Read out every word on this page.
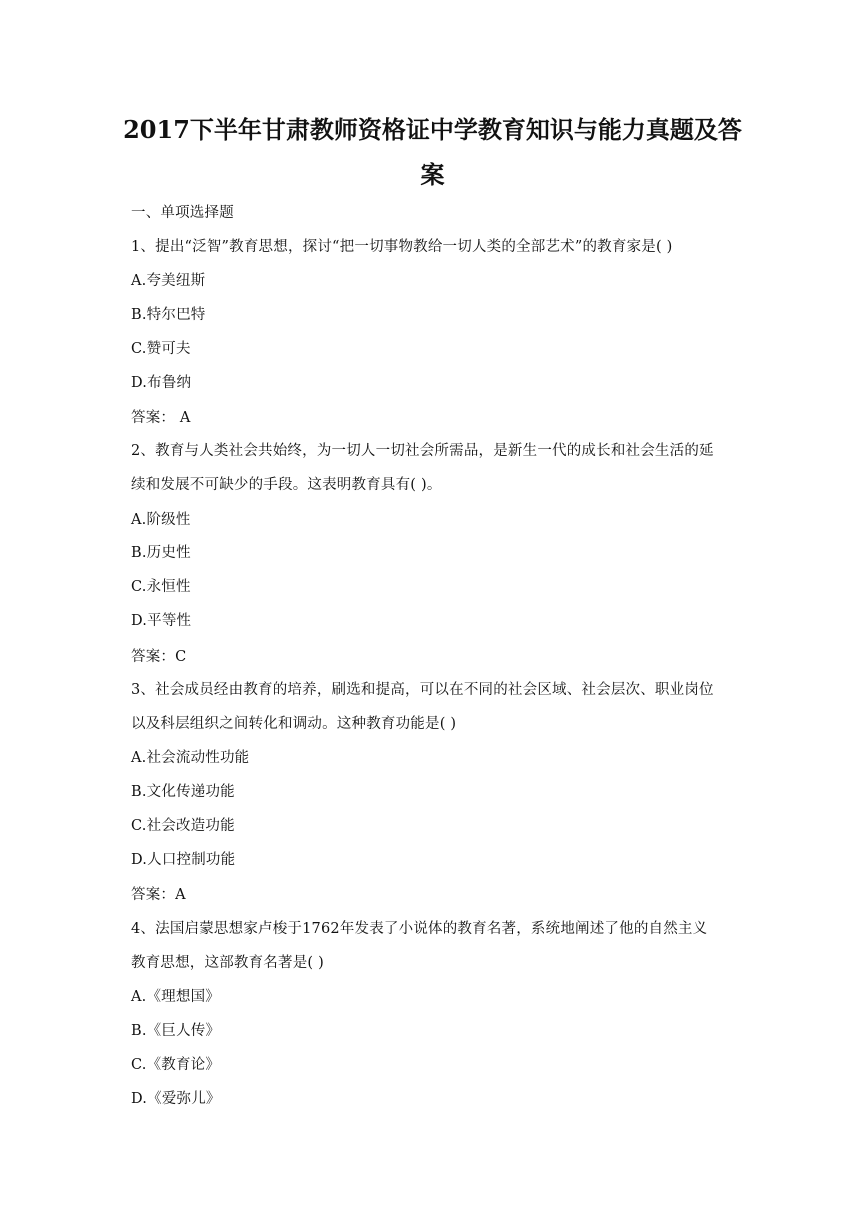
2017下半年甘肃教师资格证中学教育知识与能力真题及答
案
一、单项选择题
1、提出“泛智”教育思想，探讨“把一切事物教给一切人类的全部艺术”的教育家是( )
A.夸美纽斯
B.特尔巴特
C.赞可夫
D.布鲁纳
答案： A
2、教育与人类社会共始终，为一切人一切社会所需品，是新生一代的成长和社会生活的延
续和发展不可缺少的手段。这表明教育具有( )。
A.阶级性
B.历史性
C.永恒性
D.平等性
答案：C
3、社会成员经由教育的培养，刷选和提高，可以在不同的社会区域、社会层次、职业岗位
以及科层组织之间转化和调动。这种教育功能是( )
A.社会流动性功能
B.文化传递功能
C.社会改造功能
D.人口控制功能
答案：A
4、法国启蒙思想家卢梭于1762年发表了小说体的教育名著，系统地阐述了他的自然主义
教育思想，这部教育名著是( )
A.《理想国》
B.《巨人传》
C.《教育论》
D.《爱弥儿》
